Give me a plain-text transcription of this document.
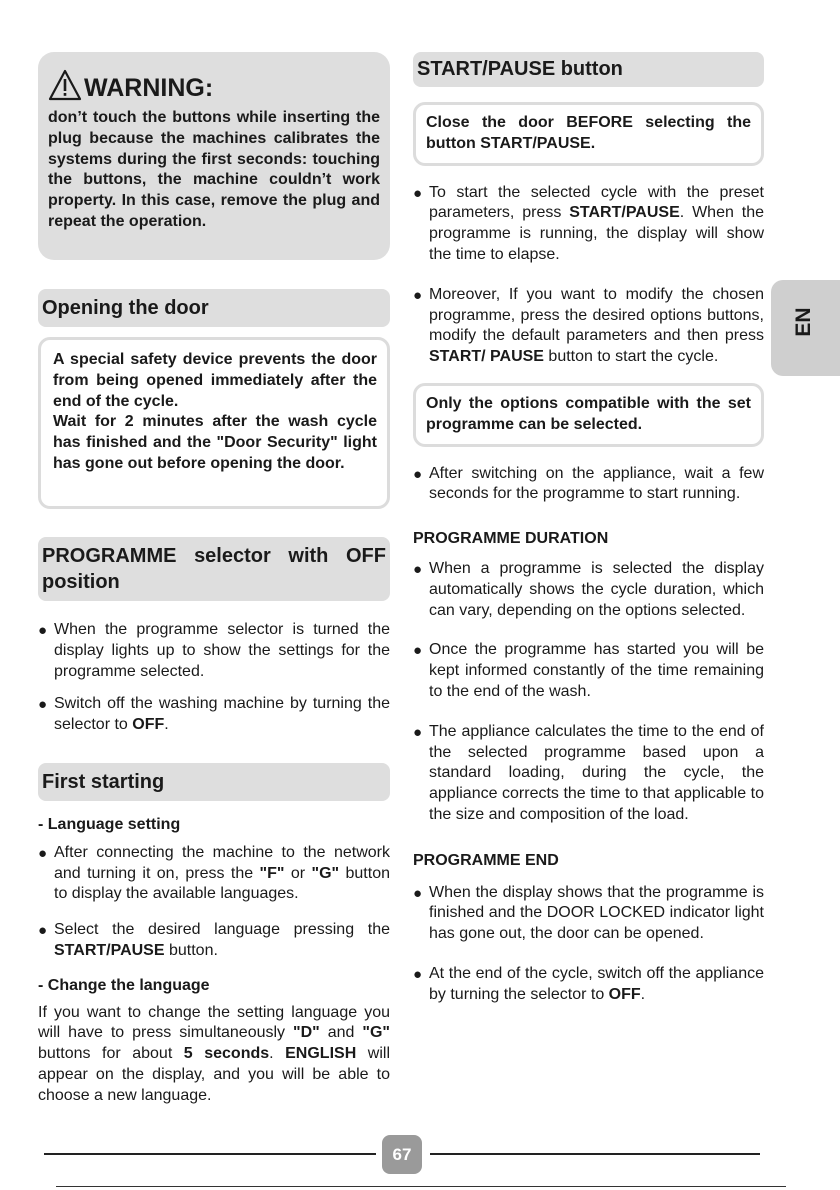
WARNING:
don’t touch the buttons while inserting the plug because the machines calibrates the systems during the first seconds: touching the buttons, the machine couldn’t work property. In this case, remove the plug and repeat the operation.
Opening the door
A special safety device prevents the door from being opened immediately after the end of the cycle.
Wait for 2 minutes after the wash cycle has finished and the "Door Security" light has gone out before opening the door.
PROGRAMME selector with OFF position
● When the programme selector is turned the display lights up to show the settings for the programme selected.
● Switch off the washing machine by turning the selector to OFF.
First starting
- Language setting
● After connecting the machine to the network and turning it on, press the "F" or "G" button to display the available languages.
● Select the desired language pressing the START/PAUSE button.
- Change the language
If you want to change the setting language you will have to press simultaneously "D" and "G" buttons for about 5 seconds. ENGLISH will appear on the display, and you will be able to choose a new language.
START/PAUSE button
Close the door BEFORE selecting the button START/PAUSE.
● To start the selected cycle with the preset parameters, press START/PAUSE. When the programme is running, the display will show the time to elapse.
● Moreover, If you want to modify the chosen programme, press the desired options buttons, modify the default parameters and then press START/ PAUSE button to start the cycle.
Only the options compatible with the set programme can be selected.
● After switching on the appliance, wait a few seconds for the programme to start running.
PROGRAMME DURATION
● When a programme is selected the display automatically shows the cycle duration, which can vary, depending on the options selected.
● Once the programme has started you will be kept informed constantly of the time remaining to the end of the wash.
● The appliance calculates the time to the end of the selected programme based upon a standard loading, during the cycle, the appliance corrects the time to that applicable to the size and composition of the load.
PROGRAMME END
● When the display shows that the programme is finished and the DOOR LOCKED indicator light has gone out, the door can be opened.
● At the end of the cycle, switch off the appliance by turning the selector to OFF.
EN
67
